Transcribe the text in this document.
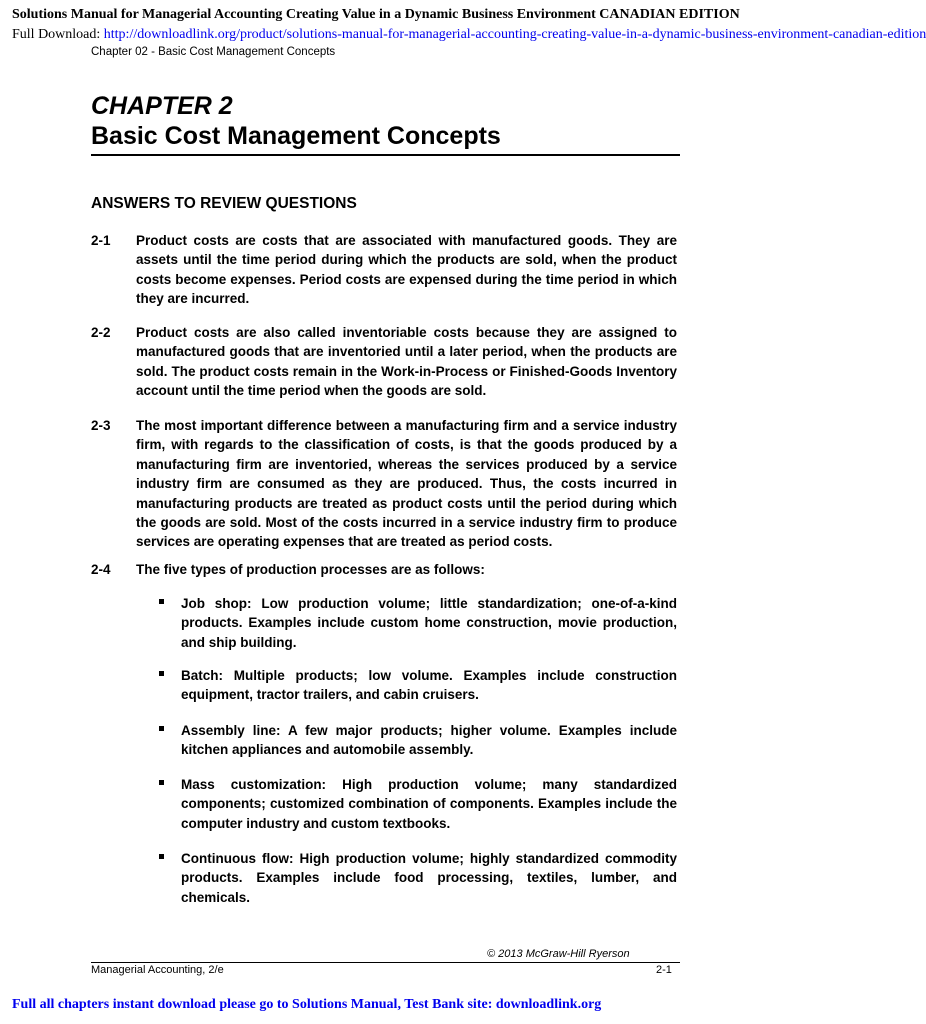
Solutions Manual for Managerial Accounting Creating Value in a Dynamic Business Environment CANADIAN EDITION
Full Download: http://downloadlink.org/product/solutions-manual-for-managerial-accounting-creating-value-in-a-dynamic-business-environment-canadian-edition
Chapter 02 - Basic Cost Management Concepts
CHAPTER 2
Basic Cost Management Concepts
ANSWERS TO REVIEW QUESTIONS
2-1 Product costs are costs that are associated with manufactured goods. They are assets until the time period during which the products are sold, when the product costs become expenses. Period costs are expensed during the time period in which they are incurred.
2-2 Product costs are also called inventoriable costs because they are assigned to manufactured goods that are inventoried until a later period, when the products are sold. The product costs remain in the Work-in-Process or Finished-Goods Inventory account until the time period when the goods are sold.
2-3 The most important difference between a manufacturing firm and a service industry firm, with regards to the classification of costs, is that the goods produced by a manufacturing firm are inventoried, whereas the services produced by a service industry firm are consumed as they are produced. Thus, the costs incurred in manufacturing products are treated as product costs until the period during which the goods are sold. Most of the costs incurred in a service industry firm to produce services are operating expenses that are treated as period costs.
2-4 The five types of production processes are as follows:
Job shop: Low production volume; little standardization; one-of-a-kind products. Examples include custom home construction, movie production, and ship building.
Batch: Multiple products; low volume. Examples include construction equipment, tractor trailers, and cabin cruisers.
Assembly line: A few major products; higher volume. Examples include kitchen appliances and automobile assembly.
Mass customization: High production volume; many standardized components; customized combination of components. Examples include the computer industry and custom textbooks.
Continuous flow: High production volume; highly standardized commodity products. Examples include food processing, textiles, lumber, and chemicals.
© 2013 McGraw-Hill Ryerson
Managerial Accounting, 2/e	2-1
Full all chapters instant download please go to Solutions Manual, Test Bank site: downloadlink.org
